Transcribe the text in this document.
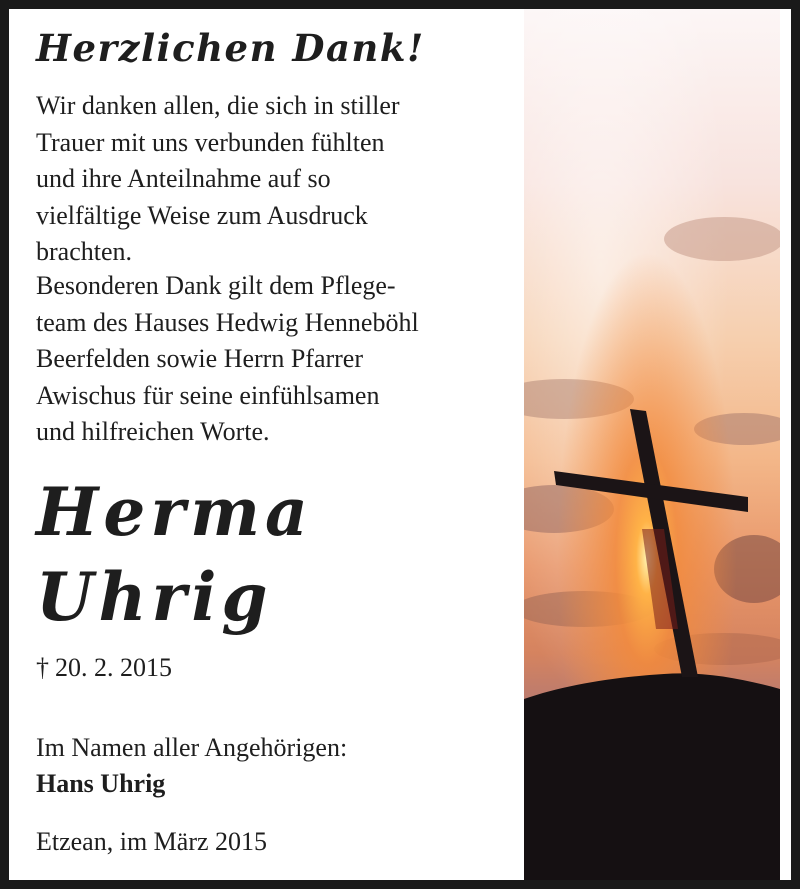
Herzlichen Dank!
Wir danken allen, die sich in stiller
Trauer mit uns verbunden fühlten
und ihre Anteilnahme auf so
vielfältige Weise zum Ausdruck
brachten.
Besonderen Dank gilt dem Pflege-
team des Hauses Hedwig Henneböhl
Beerfelden sowie Herrn Pfarrer
Awischus für seine einfühlsamen
und hilfreichen Worte.
Herma
Uhrig
† 20. 2. 2015
Im Namen aller Angehörigen:
Hans Uhrig
Etzean, im März 2015
